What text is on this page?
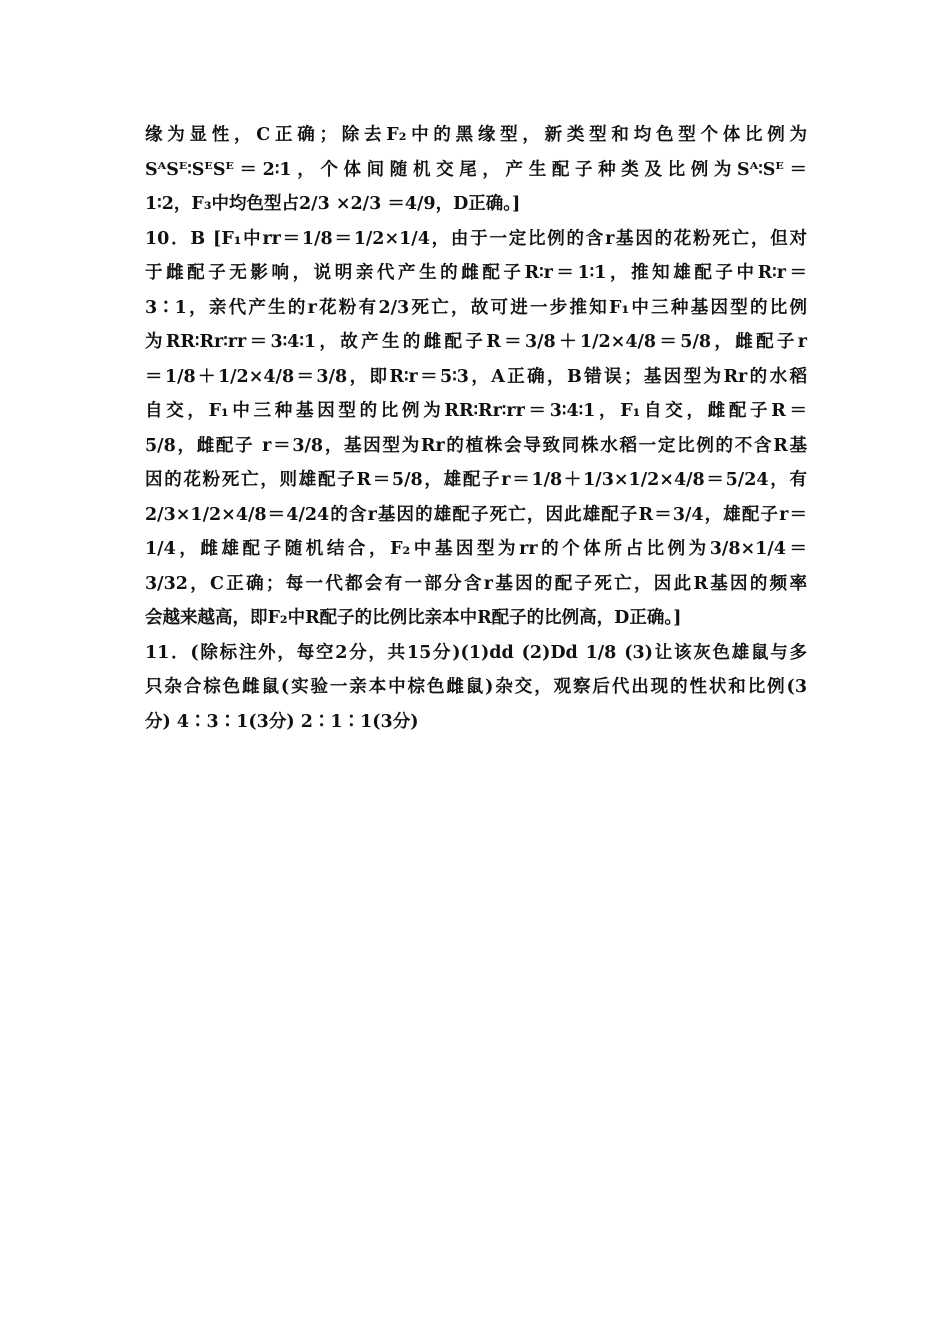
缘为显性，C正确；除去F₂中的黑缘型，新类型和均色型个体比例为
SᴬSᴱ∶SᴱSᴱ＝2∶1，个体间随机交尾，产生配子种类及比例为Sᴬ∶Sᴱ＝
1∶2，F₃中均色型占2/3 ×2/3 ＝4/9，D正确。]
10．B [F₁中rr＝1/8＝1/2×1/4，由于一定比例的含r基因的花粉死亡，但对
于雌配子无影响，说明亲代产生的雌配子R∶r＝1∶1，推知雄配子中R∶r＝
3∶1，亲代产生的r花粉有2/3死亡，故可进一步推知F₁中三种基因型的比例
为RR∶Rr∶rr＝3∶4∶1，故产生的雌配子R＝3/8＋1/2×4/8＝5/8，雌配子r
＝1/8＋1/2×4/8＝3/8，即R∶r＝5∶3，A正确，B错误；基因型为Rr的水稻
自交，F₁中三种基因型的比例为RR∶Rr∶rr＝3∶4∶1，F₁自交，雌配子R＝
5/8，雌配子 r＝3/8，基因型为Rr的植株会导致同株水稻一定比例的不含R基
因的花粉死亡，则雄配子R＝5/8，雄配子r＝1/8＋1/3×1/2×4/8＝5/24，有
2/3×1/2×4/8＝4/24的含r基因的雄配子死亡，因此雄配子R＝3/4，雄配子r＝
1/4，雌雄配子随机结合，F₂中基因型为rr的个体所占比例为3/8×1/4＝
3/32，C正确；每一代都会有一部分含r基因的配子死亡，因此R基因的频率
会越来越高，即F₂中R配子的比例比亲本中R配子的比例高，D正确。]
11．(除标注外，每空2分，共15分)(1)dd (2)Dd 1/8 (3)让该灰色雄鼠与多
只杂合棕色雌鼠(实验一亲本中棕色雌鼠)杂交，观察后代出现的性状和比例(3
分) 4∶3∶1(3分) 2∶1∶1(3分)
